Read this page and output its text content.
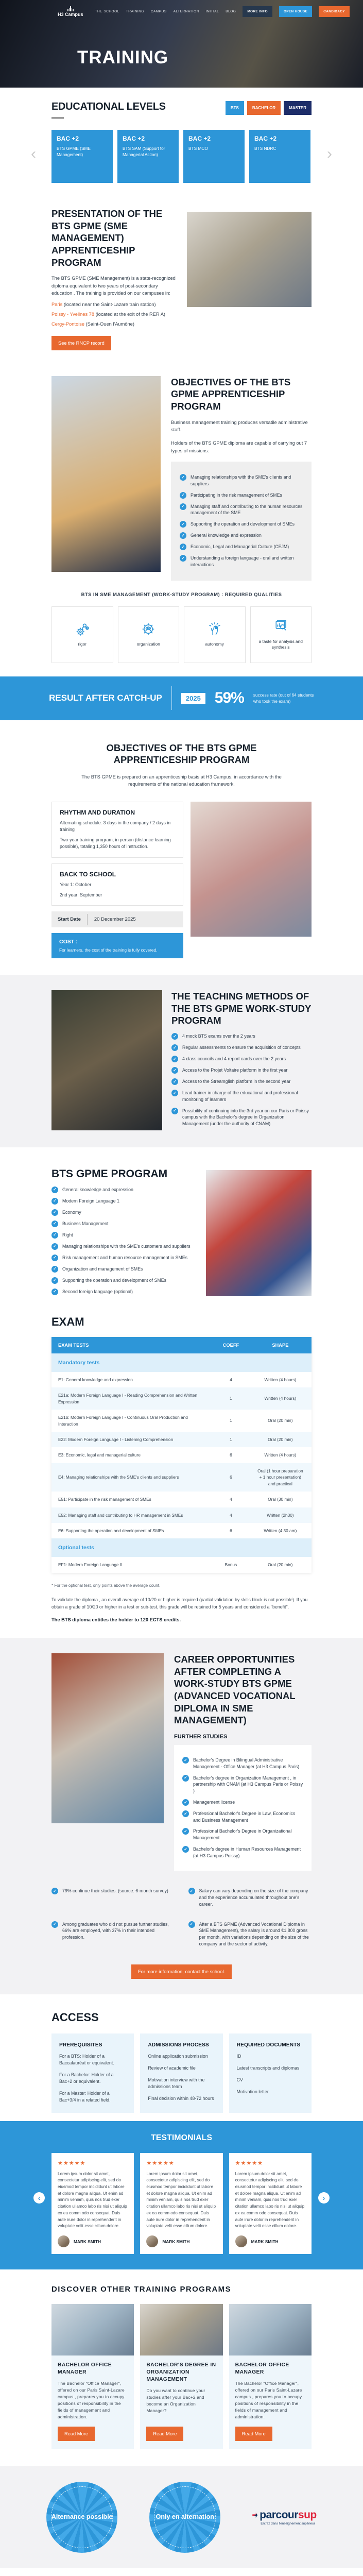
H3 Campus
THE SCHOOL TRAINING CAMPUS ALTERNATION INITIAL BLOG	MORE INFO	OPEN HOUSE	CANDIDACY
TRAINING
EDUCATIONAL LEVELS	BTS	BACHELOR	MASTER
‹
BAC +2
BTS GPME (SME Management)
BAC +2
BTS SAM (Support for Managerial Action)
BAC +2
BTS MCO
BAC +2
BTS NDRC	›
PRESENTATION OF THE BTS GPME (SME MANAGEMENT) APPRENTICESHIP PROGRAM

The BTS GPME (SME Management) is a state-recognized diploma equivalent to two years of post-secondary education . The training is provided on our campuses in:

Paris (located near the Saint-Lazare train station)
Poissy - Yvelines 78 (located at the exit of the RER A)
Cergy-Pontoise (Saint-Ouen l'Aumône)
See the RNCP record
OBJECTIVES OF THE BTS GPME APPRENTICESHIP PROGRAM

Business management training produces versatile administrative staff.

Holders of the BTS GPME diploma are capable of carrying out 7 types of missions:

✓	Managing relationships with the SME's clients and suppliers
✓	Participating in the risk management of SMEs
✓	Managing staff and contributing to the human resources management of the SME
✓	Supporting the operation and development of SMEs
✓	General knowledge and expression
✓	Economic, Legal and Managerial Culture (CEJM)
✓	Understanding a foreign language - oral and written interactions
BTS IN SME MANAGEMENT (WORK-STUDY PROGRAM) : REQUIRED QUALITIES
rigor	organization	autonomy
a taste for analysis and synthesis
RESULT AFTER CATCH-UP	2025 59% success rate (out of 64 students who took the exam)
OBJECTIVES OF THE BTS GPME APPRENTICESHIP PROGRAM

The BTS GPME is prepared on an apprenticeship basis at H3 Campus, in accordance with the requirements of the national education framework.

RHYTHM AND DURATION

Alternating schedule: 3 days in the company / 2 days in training

Two-year training program, in person (distance learning possible), totaling 1,350 hours of instruction.

BACK TO SCHOOL

Year 1: October

2nd year: September

Start Date	20 December 2025
COST :

For learners, the cost of the training is fully covered.

THE TEACHING METHODS OF THE BTS GPME WORK-STUDY PROGRAM
✓	4 mock BTS exams over the 2 years
✓	Regular assessments to ensure the acquisition of concepts
✓	4 class councils and 4 report cards over the 2 years
✓	Access to the Projet Voltaire platform in the first year
✓	Access to the Streamglish platform in the second year
✓	Lead trainer in charge of the educational and professional monitoring of learners
✓	Possibility of continuing into the 3rd year on our Paris or Poissy campus with the Bachelor's degree in Organization Management (under the authority of CNAM)
BTS GPME PROGRAM
✓	General knowledge and expression
✓	Modern Foreign Language 1
✓	Economy
✓	Business Management
✓	Right
✓	Managing relationships with the SME's customers and suppliers
✓	Risk management and human resource management in SMEs
✓	Organization and management of SMEs
✓	Supporting the operation and development of SMEs
✓	Second foreign language (optional)
EXAM
EXAM TESTS	COEFF	SHAPE
Mandatory tests
E1: General knowledge and expression	4	Written (4 hours)
E21a: Modern Foreign Language I - Reading Comprehension and Written Expression
1	Written (4 hours)
E21b: Modern Foreign Language I - Continuous Oral Production and Interaction
1	Oral (20 min)
E22: Modern Foreign Language I - Listening Comprehension	1	Oral (20 min)
E3: Economic, legal and managerial culture	6	Written (4 hours)
E4: Managing relationships with the SME's clients and suppliers	6
Oral (1 hour preparation + 1 hour presentation) and practical
E51: Participate in the risk management of SMEs	4	Oral (30 min)
E52: Managing staff and contributing to HR management in SMEs	4	Written (2h30)
E6: Supporting the operation and development of SMEs	6	Written (4:30 am)
Optional tests
EF1: Modern Foreign Language II	Bonus	Oral (20 min)

* For the optional test, only points above the average count.

To validate the diploma , an overall average of 10/20 or higher is required (partial validation by skills block is not possible). If you obtain a grade of 10/20 or higher in a test or sub-test, this grade will be retained for 5 years and considered a "benefit".

The BTS diploma entitles the holder to 120 ECTS credits.

CAREER OPPORTUNITIES AFTER COMPLETING A WORK-STUDY BTS GPME (ADVANCED VOCATIONAL DIPLOMA IN SME MANAGEMENT)
FURTHER STUDIES
✓	Bachelor's Degree in Bilingual Administrative Management - Office Manager (at H3 Campus Paris)
✓	Bachelor's degree in Organization Management , in partnership with CNAM (at H3 Campus Paris or Poissy )
✓	Management license
✓	Professional Bachelor's Degree in Law, Economics and Business Management
✓	Professional Bachelor's Degree in Organizational Management
✓	Bachelor's degree in Human Resources Management (at H3 Campus Poissy)
✓	79% continue their studies. (source: 6-month survey)	✓	Salary can vary depending on the size of the company and the experience accumulated throughout one's career.
✓	Among graduates who did not pursue further studies, 66% are employed, with 37% in their intended profession.
✓	After a BTS GPME (Advanced Vocational Diploma in SME Management), the salary is around €1,800 gross per month, with variations depending on the size of the company and the sector of activity.
For more information, contact the school.
ACCESS
PREREQUISITES

For a BTS: Holder of a Baccalauréat or equivalent.

For a Bachelor: Holder of a Bac+2 or equivalent.

For a Master: Holder of a Bac+3/4 in a related field.

ADMISSIONS PROCESS

Online application submission

Review of academic file

Motivation interview with the admissions team

Final decision within 48-72 hours

REQUIRED DOCUMENTS

ID

Latest transcripts and diplomas

CV

Motivation letter

TESTIMONIALS
‹
★★★★★

Lorem ipsum dolor sit amet, consectetur adipiscing elit, sed do eiusmod tempor incididunt ut labore et dolore magna aliqua. Ut enim ad minim veniam, quis nos trud exer citation ullamco labo ris nisi ut aliquip ex ea comm odo consequat. Duis aute irure dolor in reprehenderit in voluptate velit esse cillum dolore.

MARK SMITH
★★★★★

Lorem ipsum dolor sit amet, consectetur adipiscing elit, sed do eiusmod tempor incididunt ut labore et dolore magna aliqua. Ut enim ad minim veniam, quis nos trud exer citation ullamco labo ris nisi ut aliquip ex ea comm odo consequat. Duis aute irure dolor in reprehenderit in voluptate velit esse cillum dolore.

MARK SMITH
★★★★★

Lorem ipsum dolor sit amet, consectetur adipiscing elit, sed do eiusmod tempor incididunt ut labore et dolore magna aliqua. Ut enim ad minim veniam, quis nos trud exer citation ullamco labo ris nisi ut aliquip ex ea comm odo consequat. Duis aute irure dolor in reprehenderit in voluptate velit esse cillum dolore.

MARK SMITH
›
DISCOVER OTHER TRAINING PROGRAMS
BACHELOR OFFICE MANAGER

The Bachelor "Office Manager", offered on our Paris Saint-Lazare campus , prepares you to occupy positions of responsibility in the fields of management and administration.

Read More
BACHELOR'S DEGREE IN ORGANIZATION MANAGEMENT

Do you want to continue your studies after your Bac+2 and become an Organization Manager?

Read More
BACHELOR OFFICE MANAGER

The Bachelor "Office Manager", offered on our Paris Saint-Lazare campus , prepares you to occupy positions of responsibility in the fields of management and administration.

Read More
Alternance possible	Only en alternation	parcoursup
Entrez dans l'enseignement supérieur
